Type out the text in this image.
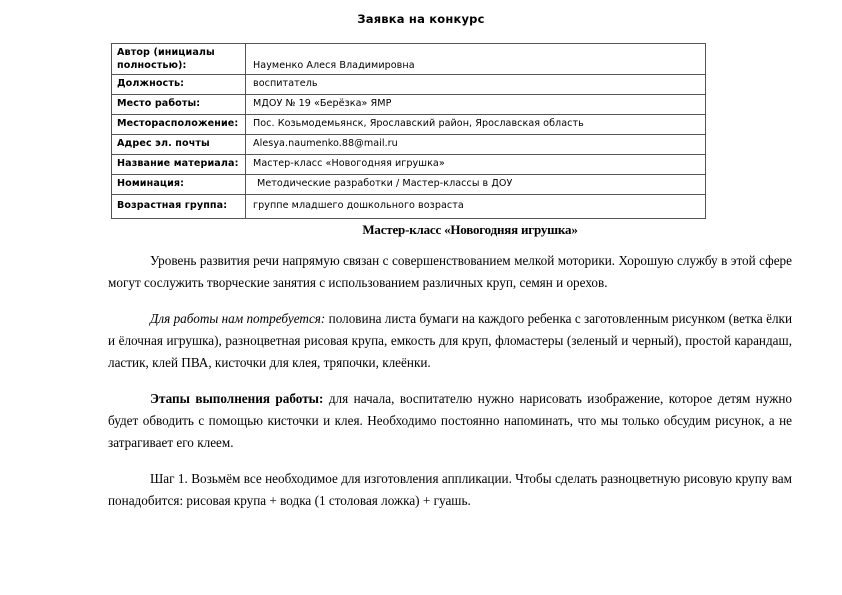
Заявка на конкурс
Автор (инициалы полностью):	Науменко Алеся Владимировна
Должность:	воспитатель
Место работы:	МДОУ № 19 «Берёзка» ЯМР
Месторасположение:	Пос. Козьмодемьянск, Ярославский район, Ярославская область
Адрес эл. почты	Alesya.naumenko.88@mail.ru
Название материала:	Мастер-класс «Новогодняя игрушка»
Номинация:	Методические разработки / Мастер-классы в ДОУ
Возрастная группа:	группе младшего дошкольного возраста
Мастер-класс «Новогодняя игрушка»

Уровень развития речи напрямую связан с совершенствованием мелкой моторики. Хорошую службу в этой сфере могут сослужить творческие занятия с использованием различных круп, семян и орехов.

Для работы нам потребуется: половина листа бумаги на каждого ребенка с заготовленным рисунком (ветка ёлки и ёлочная игрушка), разноцветная рисовая крупа, емкость для круп, фломастеры (зеленый и черный), простой карандаш, ластик, клей ПВА, кисточки для клея, тряпочки, клеёнки.

Этапы выполнения работы: для начала, воспитателю нужно нарисовать изображение, которое детям нужно будет обводить с помощью кисточки и клея. Необходимо постоянно напоминать, что мы только обсудим рисунок, а не затрагивает его клеем.

Шаг 1. Возьмём все необходимое для изготовления аппликации. Чтобы сделать разноцветную рисовую крупу вам понадобится: рисовая крупа + водка (1 столовая ложка) + гуашь.
